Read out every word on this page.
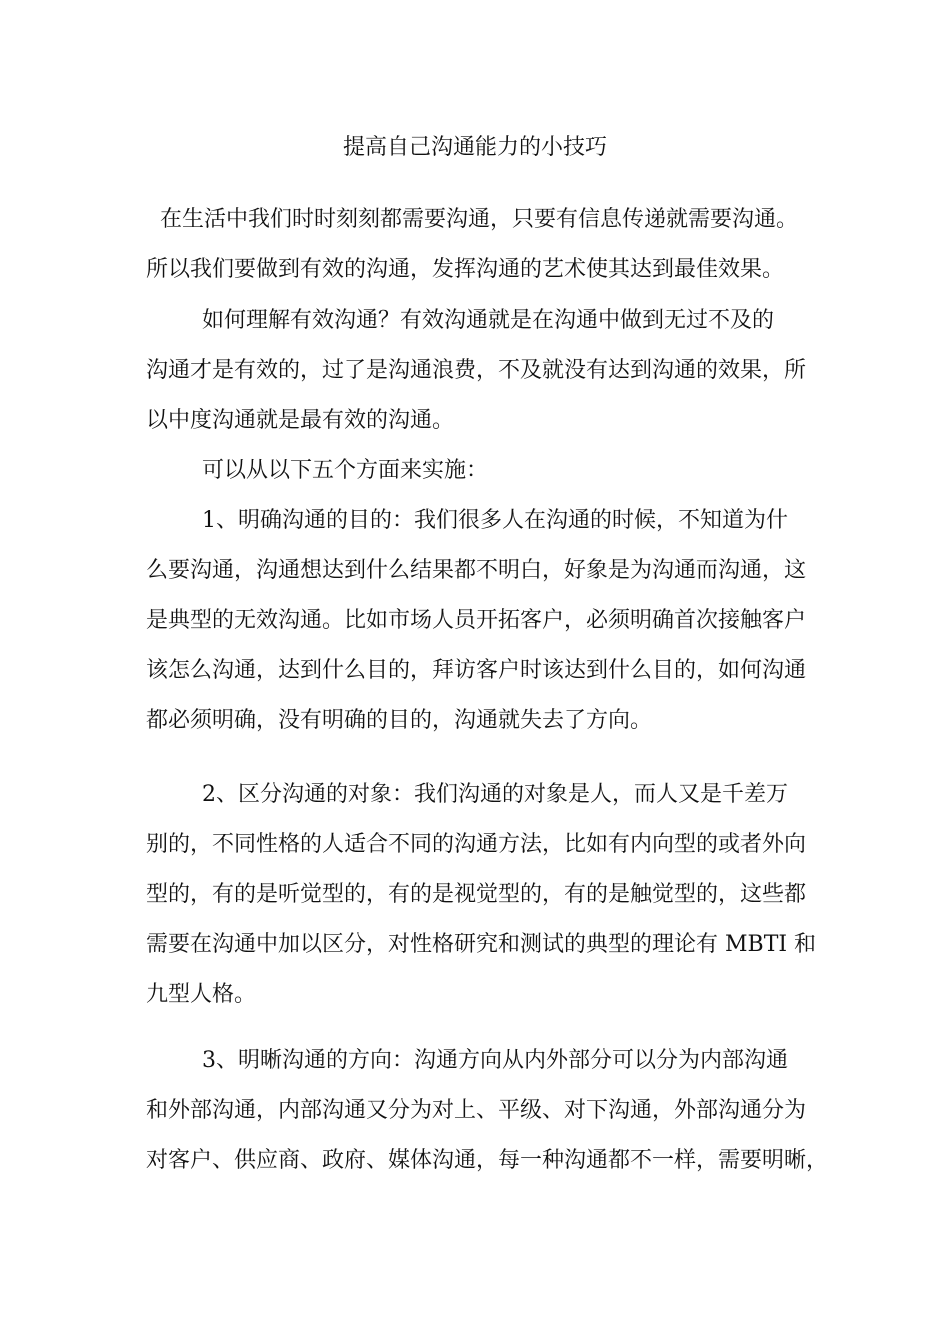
提高自己沟通能力的小技巧
在生活中我们时时刻刻都需要沟通，只要有信息传递就需要沟通。
所以我们要做到有效的沟通，发挥沟通的艺术使其达到最佳效果。
如何理解有效沟通？有效沟通就是在沟通中做到无过不及的
沟通才是有效的，过了是沟通浪费，不及就没有达到沟通的效果，所
以中度沟通就是最有效的沟通。
可以从以下五个方面来实施：
1、明确沟通的目的：我们很多人在沟通的时候，不知道为什
么要沟通，沟通想达到什么结果都不明白，好象是为沟通而沟通，这
是典型的无效沟通。比如市场人员开拓客户，必须明确首次接触客户
该怎么沟通，达到什么目的，拜访客户时该达到什么目的，如何沟通
都必须明确，没有明确的目的，沟通就失去了方向。
2、区分沟通的对象：我们沟通的对象是人，而人又是千差万
别的，不同性格的人适合不同的沟通方法，比如有内向型的或者外向
型的，有的是听觉型的，有的是视觉型的，有的是触觉型的，这些都
需要在沟通中加以区分，对性格研究和测试的典型的理论有 MBTI 和
九型人格。
3、明晰沟通的方向：沟通方向从内外部分可以分为内部沟通
和外部沟通，内部沟通又分为对上、平级、对下沟通，外部沟通分为
对客户、供应商、政府、媒体沟通，每一种沟通都不一样，需要明晰，
